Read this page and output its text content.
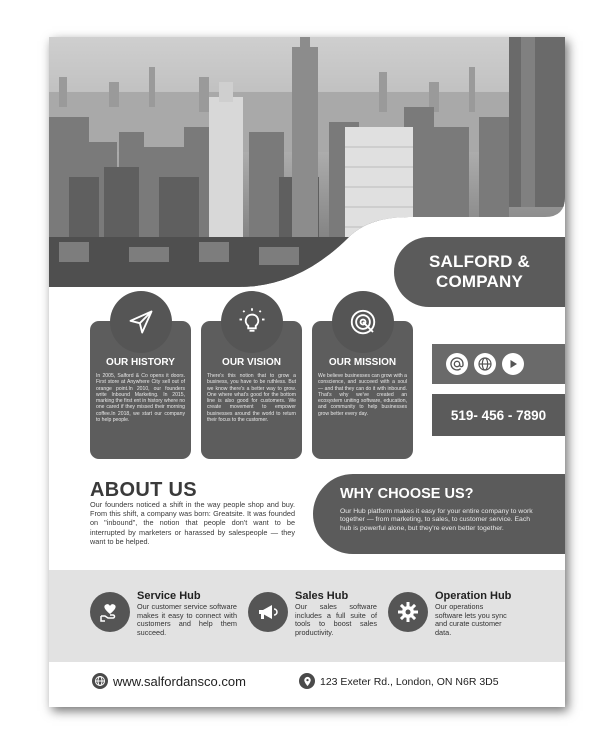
SALFORD &
COMPANY
OUR HISTORY
In 2005, Salford & Co opens it doors. First store at Anywhere City sell out of orange point.In 2010, our founders write Inbound Marketing. In 2015, marking the first ent in history where no one cared if they missed their morning coffee.In 2018, we start our company to help people.
OUR VISION
There's this notion that to grow a business, you have to be ruthless. But we know there's a better way to grow. One where what's good for the bottom line is also good for customers. We create movement to empower businesses around the world to return their focus to the customer.
OUR MISSION
We believe businesses can grow with a conscience, and succeed with a soul — and that they can do it with inbound. That's why we've created an ecosystem uniting software, education, and community to help businesses grow better every day.	519- 456 - 7890
ABOUT US
Our founders noticed a shift in the way people shop and buy. From this shift, a company was born: Greatsite. It was founded on "inbound", the notion that people don't want to be interrupted by marketers or harassed by salespeople — they want to be helped.
WHY CHOOSE US?
Our Hub platform makes it easy for your entire company to work together — from marketing, to sales, to customer service. Each hub is powerful alone, but they're even better together.
Service Hub
Our customer service software makes it easy to connect with customers and help them succeed.
Sales Hub
Our sales software includes a full suite of tools to boost sales productivity.
Operation Hub
Our operations software lets you sync and curate customer data.
www.salfordansco.com	123 Exeter Rd., London, ON N6R 3D5
